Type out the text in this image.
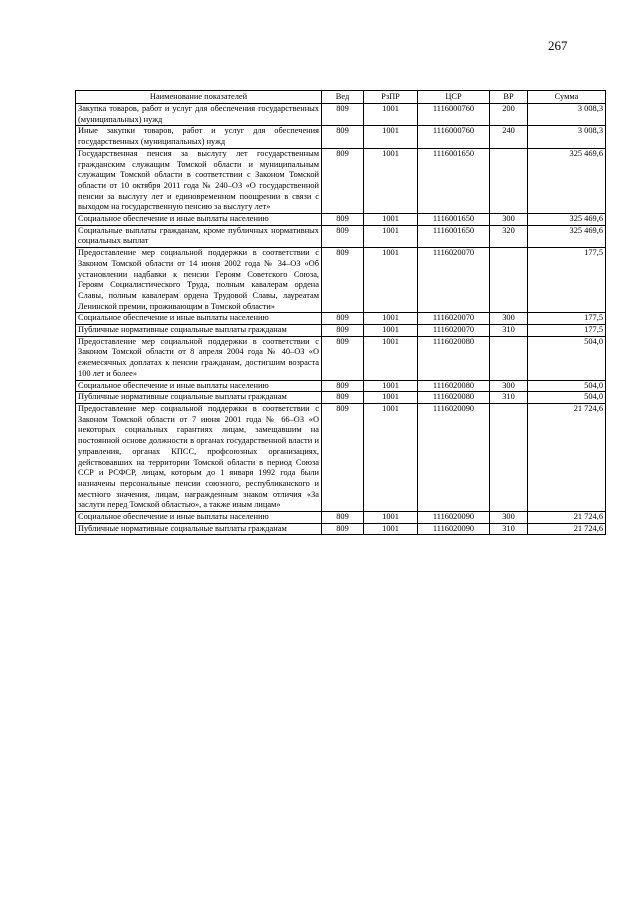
267
Наименование показателей	Вед	РзПР	ЦСР	ВР	Сумма
Закупка товаров, работ и услуг для обеспечения государственных (муниципальных) нужд	809	1001	1116000760	200	3 008,3
Иные закупки товаров, работ и услуг для обеспечения государственных (муниципальных) нужд	809	1001	1116000760	240	3 008,3
Государственная пенсия за выслугу лет государственным гражданским служащим Томской области и муниципальным служащим Томской области в соответствии с Законом Томской области от 10 октября 2011 года № 240–ОЗ «О государственной пенсии за выслугу лет и единовременном поощрении в связи с выходом на государственную пенсию за выслугу лет»	809	1001	1116001650		325 469,6
Социальное обеспечение и иные выплаты населению	809	1001	1116001650	300	325 469,6
Социальные выплаты гражданам, кроме публичных нормативных социальных выплат	809	1001	1116001650	320	325 469,6
Предоставление мер социальной поддержки в соответствии с Законом Томской области от 14 июня 2002 года № 34–ОЗ «Об установлении надбавки к пенсии Героям Советского Союза, Героям Социалистического Труда, полным кавалерам ордена Славы, полным кавалерам ордена Трудовой Славы, лауреатам Ленинской премии, проживающим в Томской области»	809	1001	1116020070		177,5
Социальное обеспечение и иные выплаты населению	809	1001	1116020070	300	177,5
Публичные нормативные социальные выплаты гражданам	809	1001	1116020070	310	177,5
Предоставление мер социальной поддержки в соответствии с Законом Томской области от 8 апреля 2004 года № 40–ОЗ «О ежемесячных доплатах к пенсии гражданам, достигшим возраста 100 лет и более»	809	1001	1116020080		504,0
Социальное обеспечение и иные выплаты населению	809	1001	1116020080	300	504,0
Публичные нормативные социальные выплаты гражданам	809	1001	1116020080	310	504,0
Предоставление мер социальной поддержки в соответствии с Законом Томской области от 7 июня 2001 года № 66–ОЗ «О некоторых социальных гарантиях лицам, замещавшим на постоянной основе должности в органах государственной власти и управления, органах КПСС, профсоюзных организациях, действовавших на территории Томской области в период Союза ССР и РСФСР, лицам, которым до 1 января 1992 года были назначены персональные пенсии союзного, республиканского и местного значения, лицам, награжденным знаком отличия «За заслуги перед Томской областью», а также иным лицам»	809	1001	1116020090		21 724,6
Социальное обеспечение и иные выплаты населению	809	1001	1116020090	300	21 724,6
Публичные нормативные социальные выплаты гражданам	809	1001	1116020090	310	21 724,6
